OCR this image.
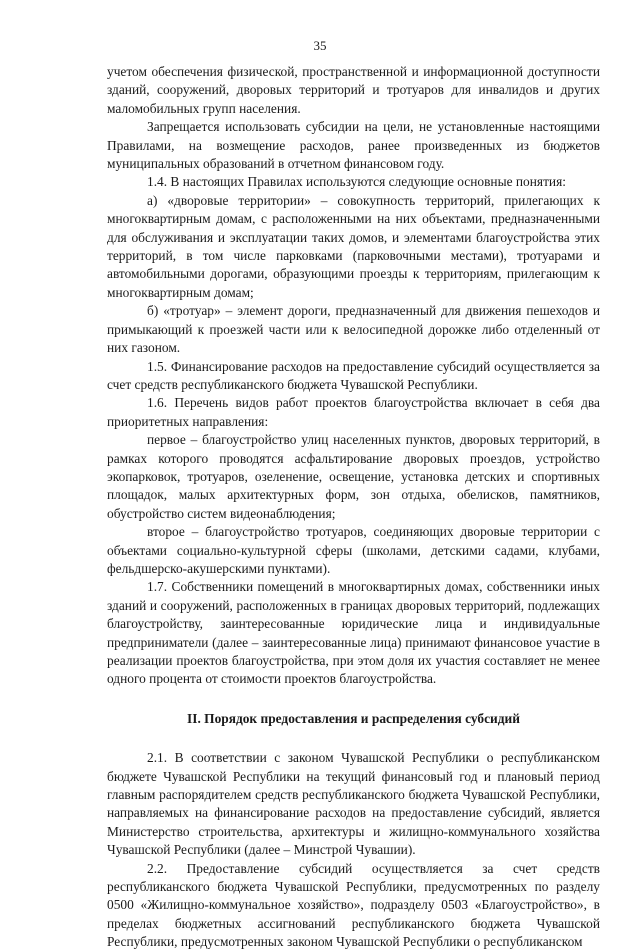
35

учетом обеспечения физической, пространственной и информационной доступности зданий, сооружений, дворовых территорий и тротуаров для инвалидов и других маломобильных групп населения.

Запрещается использовать субсидии на цели, не установленные настоящими Правилами, на возмещение расходов, ранее произведенных из бюджетов муниципальных образований в отчетном финансовом году.

1.4. В настоящих Правилах используются следующие основные понятия:

а) «дворовые территории» – совокупность территорий, прилегающих к многоквартирным домам, с расположенными на них объектами, предназначенными для обслуживания и эксплуатации таких домов, и элементами благоустройства этих территорий, в том числе парковками (парковочными местами), тротуарами и автомобильными дорогами, образующими проезды к территориям, прилегающим к многоквартирным домам;

б) «тротуар» – элемент дороги, предназначенный для движения пешеходов и примыкающий к проезжей части или к велосипедной дорожке либо отделенный от них газоном.

1.5. Финансирование расходов на предоставление субсидий осуществляется за счет средств республиканского бюджета Чувашской Республики.

1.6. Перечень видов работ проектов благоустройства включает в себя два приоритетных направления:

первое – благоустройство улиц населенных пунктов, дворовых территорий, в рамках которого проводятся асфальтирование дворовых проездов, устройство экопарковок, тротуаров, озеленение, освещение, установка детских и спортивных площадок, малых архитектурных форм, зон отдыха, обелисков, памятников, обустройство систем видеонаблюдения;

второе – благоустройство тротуаров, соединяющих дворовые территории с объектами социально-культурной сферы (школами, детскими садами, клубами, фельдшерско-акушерскими пунктами).

1.7. Собственники помещений в многоквартирных домах, собственники иных зданий и сооружений, расположенных в границах дворовых территорий, подлежащих благоустройству, заинтересованные юридические лица и индивидуальные предприниматели (далее – заинтересованные лица) принимают финансовое участие в реализации проектов благоустройства, при этом доля их участия составляет не менее одного процента от стоимости проектов благоустройства.

II. Порядок предоставления и распределения субсидий

2.1. В соответствии с законом Чувашской Республики о республиканском бюджете Чувашской Республики на текущий финансовый год и плановый период главным распорядителем средств республиканского бюджета Чувашской Республики, направляемых на финансирование расходов на предоставление субсидий, является Министерство строительства, архитектуры и жилищно-коммунального хозяйства Чувашской Республики (далее – Минстрой Чувашии).

2.2. Предоставление субсидий осуществляется за счет средств республиканского бюджета Чувашской Республики, предусмотренных по разделу 0500 «Жилищно-коммунальное хозяйство», подразделу 0503 «Благоустройство», в пределах бюджетных ассигнований республиканского бюджета Чувашской Республики, предусмотренных законом Чувашской Республики о республиканском
